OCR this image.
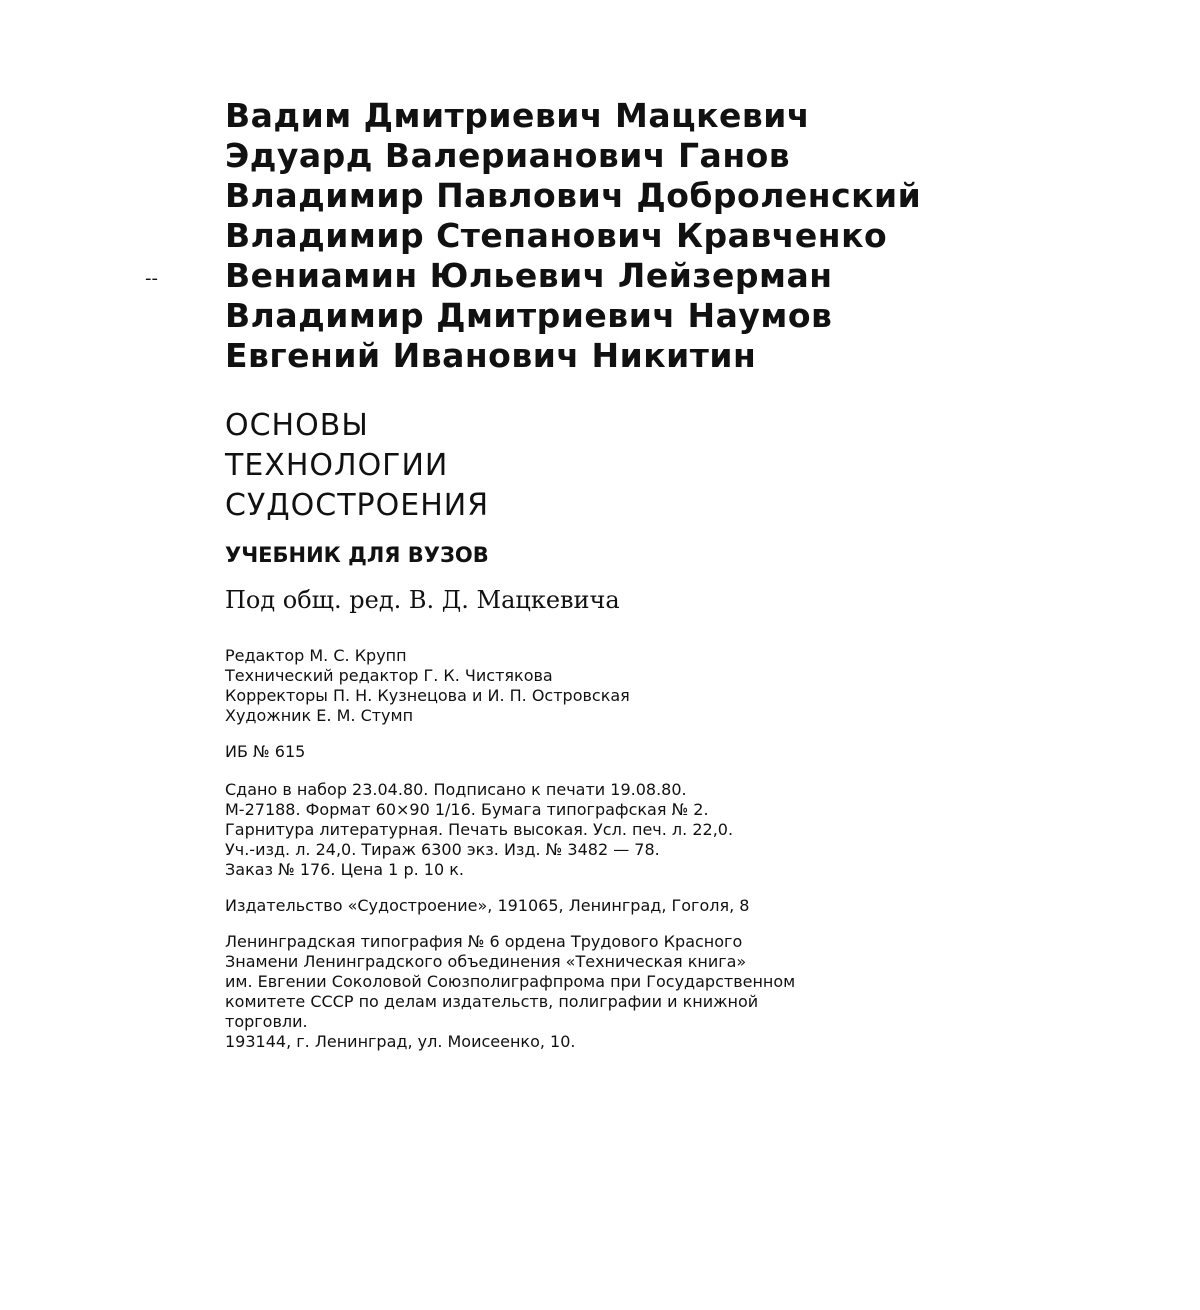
--
Вадим Дмитриевич Мацкевич
Эдуард Валерианович Ганов
Владимир Павлович Доброленский
Владимир Степанович Кравченко
Вениамин Юльевич Лейзерман
Владимир Дмитриевич Наумов
Евгений Иванович Никитин
ОСНОВЫ
ТЕХНОЛОГИИ
СУДОСТРОЕНИЯ
УЧЕБНИК ДЛЯ ВУЗОВ
Под общ. ред. В. Д. Мацкевича
Редактор М. С. Крупп
Технический редактор Г. К. Чистякова
Корректоры П. Н. Кузнецова и И. П. Островская
Художник Е. М. Стумп
ИБ № 615
Сдано в набор 23.04.80. Подписано к печати 19.08.80.
М-27188. Формат 60×90 1/16. Бумага типографская № 2.
Гарнитура литературная. Печать высокая. Усл. печ. л. 22,0.
Уч.-изд. л. 24,0. Тираж 6300 экз. Изд. № 3482 — 78.
Заказ № 176. Цена 1 р. 10 к.
Издательство «Судостроение», 191065, Ленинград, Гоголя, 8
Ленинградская типография № 6 ордена Трудового Красного
Знамени Ленинградского объединения «Техническая книга»
им. Евгении Соколовой Союзполиграфпрома при Государственном
комитете СССР по делам издательств, полиграфии и книжной
торговли.
193144, г. Ленинград, ул. Моисеенко, 10.
